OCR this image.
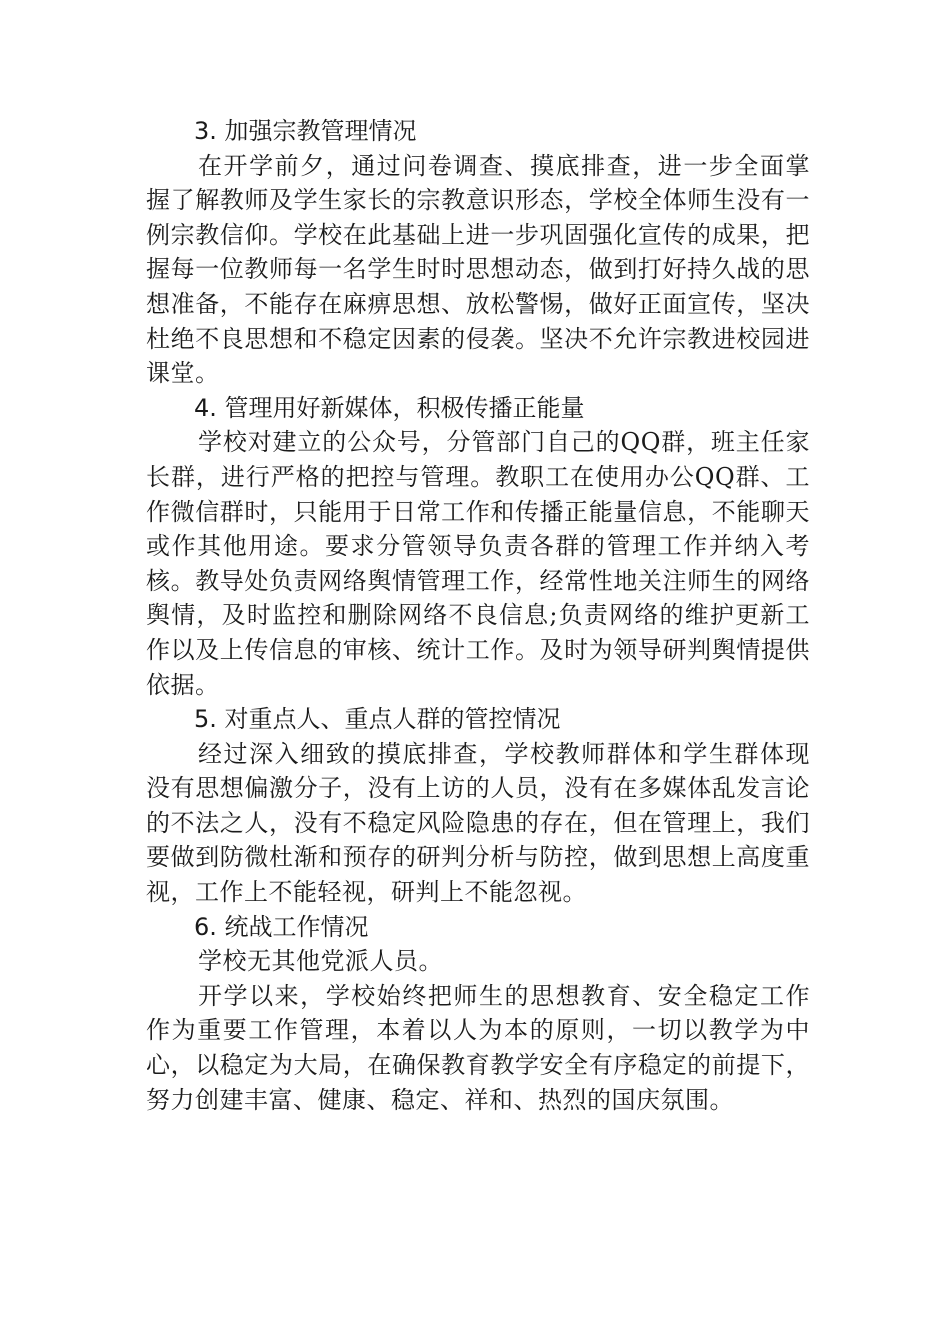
3. 加强宗教管理情况

在开学前夕，通过问卷调查、摸底排查，进一步全面掌握了解教师及学生家长的宗教意识形态，学校全体师生没有一例宗教信仰。学校在此基础上进一步巩固强化宣传的成果，把握每一位教师每一名学生时时思想动态，做到打好持久战的思想准备，不能存在麻痹思想、放松警惕，做好正面宣传，坚决杜绝不良思想和不稳定因素的侵袭。坚决不允许宗教进校园进课堂。

4. 管理用好新媒体，积极传播正能量

学校对建立的公众号，分管部门自己的QQ群，班主任家长群，进行严格的把控与管理。教职工在使用办公QQ群、工作微信群时，只能用于日常工作和传播正能量信息，不能聊天或作其他用途。要求分管领导负责各群的管理工作并纳入考核。教导处负责网络舆情管理工作，经常性地关注师生的网络舆情，及时监控和删除网络不良信息;负责网络的维护更新工作以及上传信息的审核、统计工作。及时为领导研判舆情提供依据。

5. 对重点人、重点人群的管控情况

经过深入细致的摸底排查，学校教师群体和学生群体现没有思想偏激分子，没有上访的人员，没有在多媒体乱发言论的不法之人，没有不稳定风险隐患的存在，但在管理上，我们要做到防微杜渐和预存的研判分析与防控，做到思想上高度重视，工作上不能轻视，研判上不能忽视。

6. 统战工作情况

学校无其他党派人员。

开学以来，学校始终把师生的思想教育、安全稳定工作作为重要工作管理，本着以人为本的原则，一切以教学为中心，以稳定为大局，在确保教育教学安全有序稳定的前提下，努力创建丰富、健康、稳定、祥和、热烈的国庆氛围。
